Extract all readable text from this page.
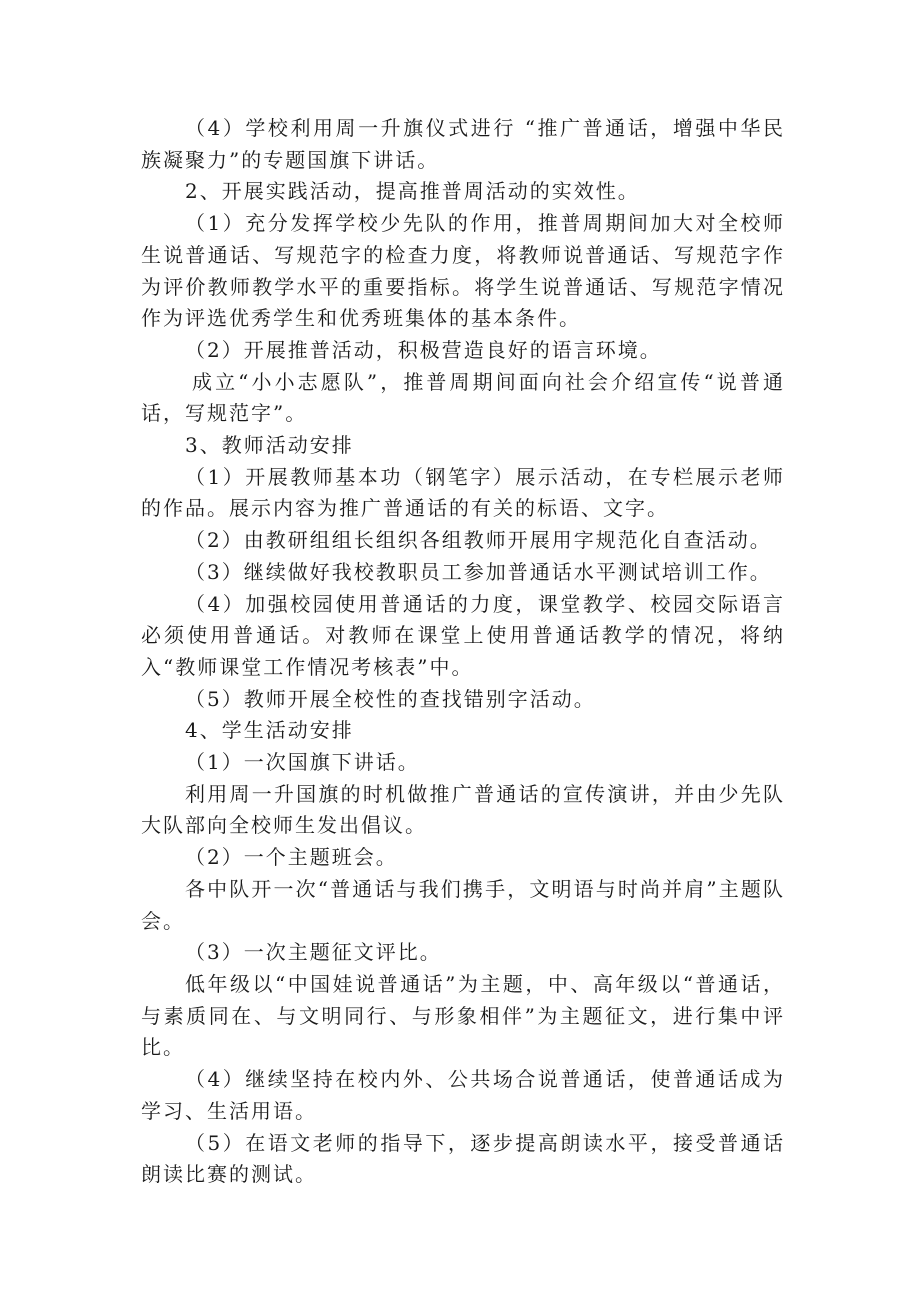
（4）学校利用周一升旗仪式进行 “推广普通话，增强中华民族凝聚力”的专题国旗下讲话。

2、开展实践活动，提高推普周活动的实效性。

（1）充分发挥学校少先队的作用，推普周期间加大对全校师生说普通话、写规范字的检查力度，将教师说普通话、写规范字作为评价教师教学水平的重要指标。将学生说普通话、写规范字情况作为评选优秀学生和优秀班集体的基本条件。

（2）开展推普活动，积极营造良好的语言环境。

成立“小小志愿队”，推普周期间面向社会介绍宣传“说普通话，写规范字”。

3、教师活动安排

（1）开展教师基本功（钢笔字）展示活动，在专栏展示老师的作品。展示内容为推广普通话的有关的标语、文字。

（2）由教研组组长组织各组教师开展用字规范化自查活动。

（3）继续做好我校教职员工参加普通话水平测试培训工作。

（4）加强校园使用普通话的力度，课堂教学、校园交际语言必须使用普通话。对教师在课堂上使用普通话教学的情况，将纳入“教师课堂工作情况考核表”中。

（5）教师开展全校性的查找错别字活动。

4、学生活动安排

（1）一次国旗下讲话。

利用周一升国旗的时机做推广普通话的宣传演讲，并由少先队大队部向全校师生发出倡议。

（2）一个主题班会。

各中队开一次“普通话与我们携手，文明语与时尚并肩”主题队会。

（3）一次主题征文评比。

低年级以“中国娃说普通话”为主题，中、高年级以“普通话，与素质同在、与文明同行、与形象相伴”为主题征文，进行集中评比。

（4）继续坚持在校内外、公共场合说普通话，使普通话成为学习、生活用语。

（5）在语文老师的指导下，逐步提高朗读水平，接受普通话朗读比赛的测试。
